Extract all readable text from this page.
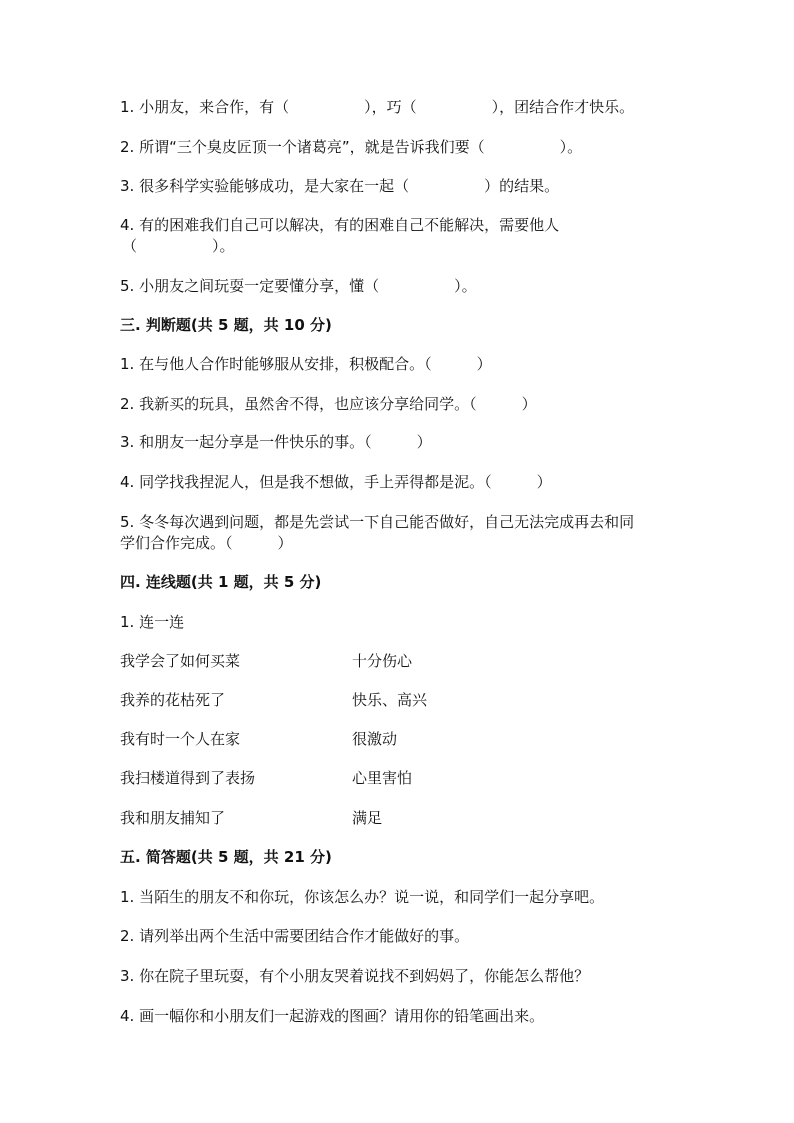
1. 小朋友，来合作，有（　　　　　），巧（　　　　　），团结合作才快乐。
2. 所谓“三个臭皮匠顶一个诸葛亮”，就是告诉我们要（　　　　　）。
3. 很多科学实验能够成功，是大家在一起（　　　　　）的结果。
4. 有的困难我们自己可以解决，有的困难自己不能解决，需要他人
（　　　　　）。
5. 小朋友之间玩耍一定要懂分享，懂（　　　　　）。
三. 判断题(共 5 题，共 10 分)
1. 在与他人合作时能够服从安排，积极配合。（　　　）
2. 我新买的玩具，虽然舍不得，也应该分享给同学。（　　　）
3. 和朋友一起分享是一件快乐的事。（　　　）
4. 同学找我捏泥人，但是我不想做，手上弄得都是泥。（　　　）
5. 冬冬每次遇到问题，都是先尝试一下自己能否做好，自己无法完成再去和同
学们合作完成。（　　　）
四. 连线题(共 1 题，共 5 分)
1. 连一连
我学会了如何买菜	十分伤心
我养的花枯死了	快乐、高兴
我有时一个人在家	很激动
我扫楼道得到了表扬	心里害怕
我和朋友捕知了	满足
五. 简答题(共 5 题，共 21 分)
1. 当陌生的朋友不和你玩，你该怎么办？说一说，和同学们一起分享吧。
2. 请列举出两个生活中需要团结合作才能做好的事。
3. 你在院子里玩耍，有个小朋友哭着说找不到妈妈了，你能怎么帮他？
4. 画一幅你和小朋友们一起游戏的图画？请用你的铅笔画出来。
